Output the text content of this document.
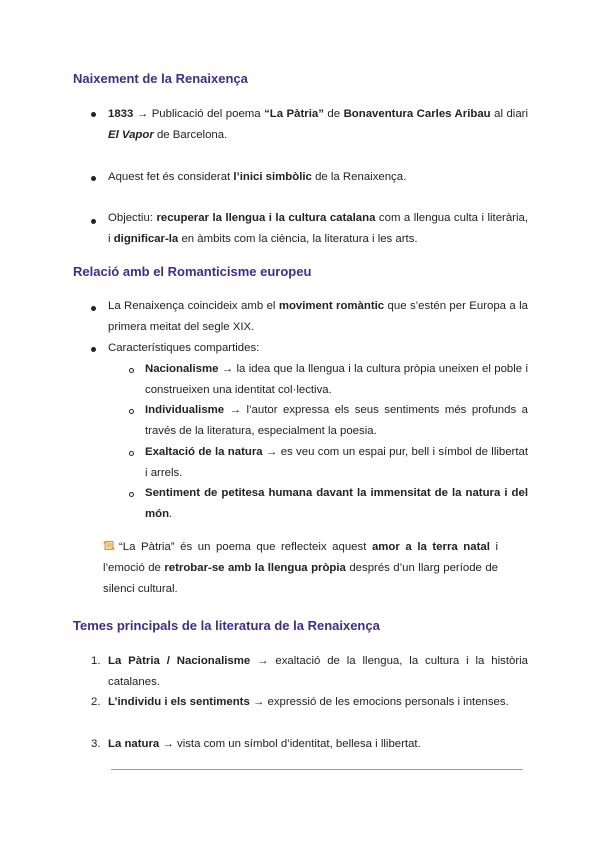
Naixement de la Renaixença
1833 → Publicació del poema “La Pàtria” de Bonaventura Carles Aribau al diari El Vapor de Barcelona.
Aquest fet és considerat l’inici simbòlic de la Renaixença.
Objectiu: recuperar la llengua i la cultura catalana com a llengua culta i literària, i dignificar-la en àmbits com la ciència, la literatura i les arts.
Relació amb el Romanticisme europeu
La Renaixença coincideix amb el moviment romàntic que s’estén per Europa a la primera meitat del segle XIX.
Característiques compartides:
Nacionalisme → la idea que la llengua i la cultura pròpia uneixen el poble i construeixen una identitat col·lectiva.
Individualisme → l’autor expressa els seus sentiments més profunds a través de la literatura, especialment la poesia.
Exaltació de la natura → es veu com un espai pur, bell i símbol de llibertat i arrels.
Sentiment de petitesa humana davant la immensitat de la natura i del món.
“La Pàtria” és un poema que reflecteix aquest amor a la terra natal i l’emoció de retrobar-se amb la llengua pròpia després d’un llarg període de silenci cultural.
Temes principals de la literatura de la Renaixença
1. La Pàtria / Nacionalisme → exaltació de la llengua, la cultura i la història catalanes.
2. L’individu i els sentiments → expressió de les emocions personals i intenses.
3. La natura → vista com un símbol d’identitat, bellesa i llibertat.
